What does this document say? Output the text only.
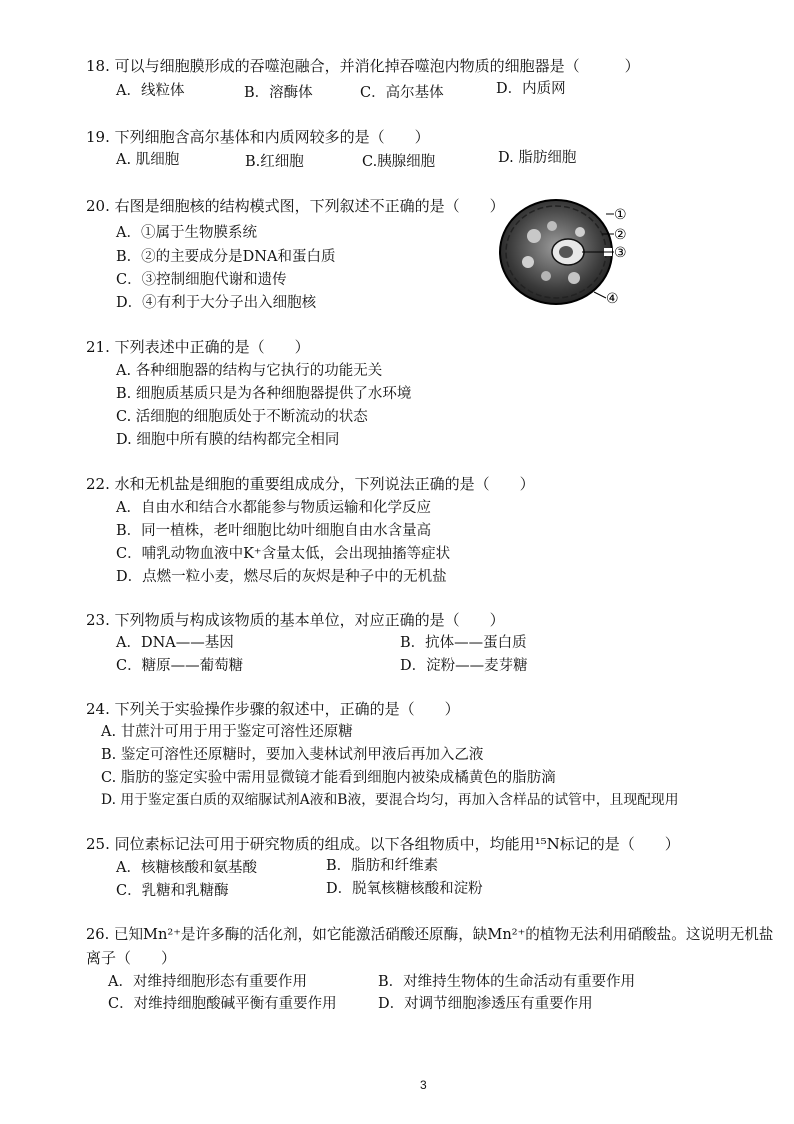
18. 可以与细胞膜形成的吞噬泡融合，并消化掉吞噬泡内物质的细胞器是（　　　）
A．线粒体	B．溶酶体	C．高尔基体	D．内质网
19. 下列细胞含高尔基体和内质网较多的是（　　）
A. 肌细胞	B.红细胞	C.胰腺细胞	D. 脂肪细胞
20. 右图是细胞核的结构模式图，下列叙述不正确的是（　　）
A．①属于生物膜系统
B．②的主要成分是DNA和蛋白质
C．③控制细胞代谢和遗传
D．④有利于大分子出入细胞核
①
②
③
④
21. 下列表述中正确的是（　　）
A. 各种细胞器的结构与它执行的功能无关
B. 细胞质基质只是为各种细胞器提供了水环境
C. 活细胞的细胞质处于不断流动的状态
D. 细胞中所有膜的结构都完全相同
22. 水和无机盐是细胞的重要组成成分，下列说法正确的是（　　）
A．自由水和结合水都能参与物质运输和化学反应
B．同一植株，老叶细胞比幼叶细胞自由水含量高
C．哺乳动物血液中K⁺含量太低，会出现抽搐等症状
D．点燃一粒小麦，燃尽后的灰烬是种子中的无机盐
23. 下列物质与构成该物质的基本单位，对应正确的是（　　）
A．DNA——基因	B．抗体——蛋白质
C．糖原——葡萄糖	D．淀粉——麦芽糖
24. 下列关于实验操作步骤的叙述中，正确的是（　　）
A. 甘蔗汁可用于用于鉴定可溶性还原糖
B. 鉴定可溶性还原糖时，要加入斐林试剂甲液后再加入乙液
C. 脂肪的鉴定实验中需用显微镜才能看到细胞内被染成橘黄色的脂肪滴
D. 用于鉴定蛋白质的双缩脲试剂A液和B液，要混合均匀，再加入含样品的试管中，且现配现用
25. 同位素标记法可用于研究物质的组成。以下各组物质中，均能用¹⁵N标记的是（　　）
A．核糖核酸和氨基酸	B．脂肪和纤维素
C．乳糖和乳糖酶	D．脱氧核糖核酸和淀粉
26. 已知Mn²⁺是许多酶的活化剂，如它能激活硝酸还原酶，缺Mn²⁺的植物无法利用硝酸盐。这说明无机盐
离子（　　）
A．对维持细胞形态有重要作用	B．对维持生物体的生命活动有重要作用
C．对维持细胞酸碱平衡有重要作用	D．对调节细胞渗透压有重要作用
3
